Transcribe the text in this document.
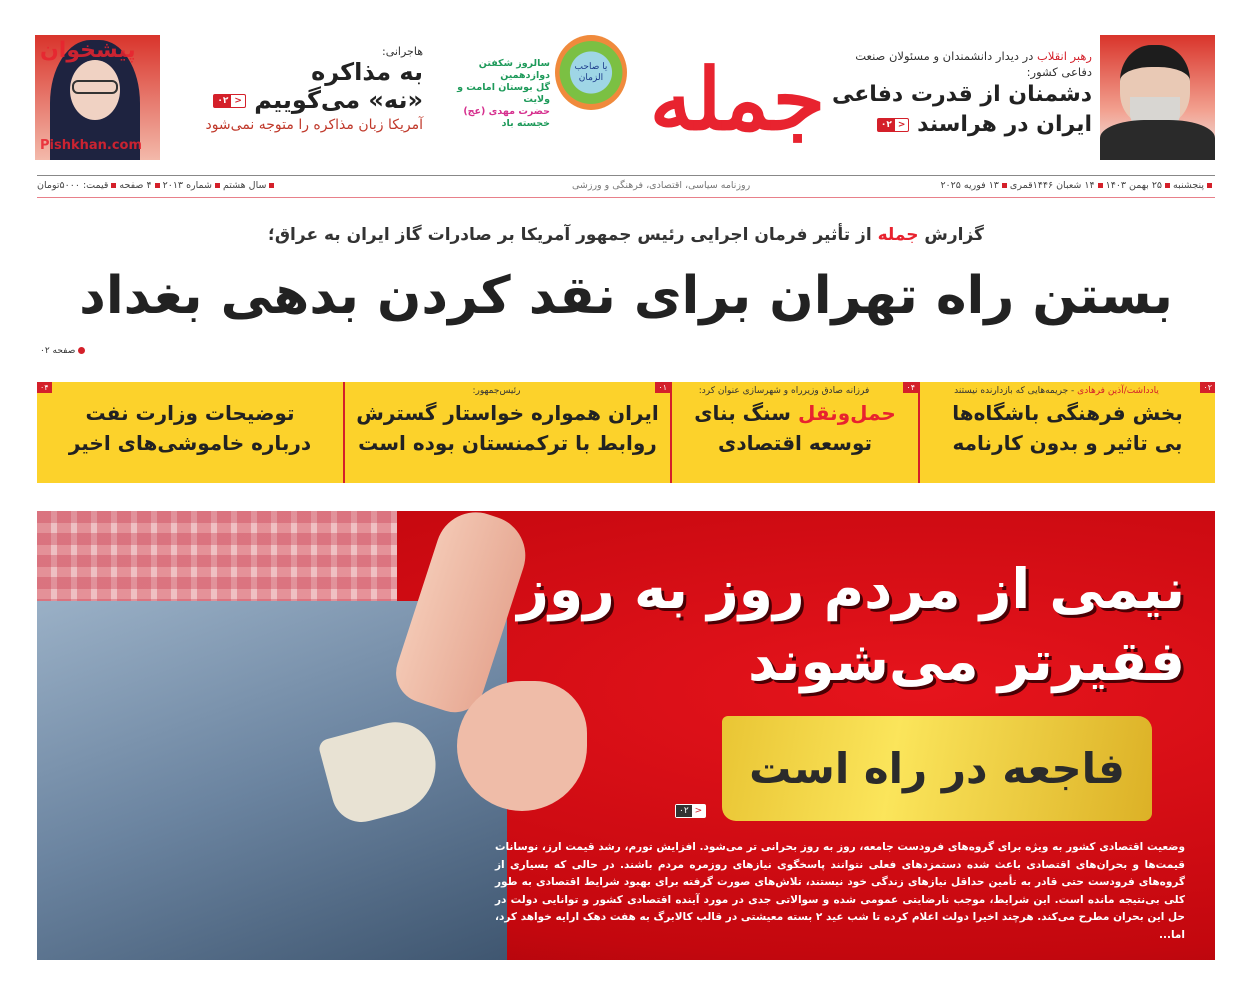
رهبر انقلاب در دیدار دانشمندان و مسئولان صنعت دفاعی کشور:
دشمنان از قدرت دفاعی
ایران در هراسند
<
۰۲
جمله
یا صاحب الزمان
سالروز شکفتن دوازدهمین
گل بوستان امامت و ولایت
حضرت مهدی (عج)
خجسته باد
پیشخوان
Pishkhan.com
هاجرانی:
به مذاکره
«نه» می‌گوییم
<
۰۲
آمریکا زبان مذاکره را متوجه نمی‌شود
پنجشنبه۲۵ بهمن ۱۴۰۳۱۴ شعبان ۱۴۴۶قمری۱۳ فوریه ۲۰۲۵
روزنامه سیاسی، اقتصادی، فرهنگی و ورزشی
سال هشتمشماره ۲۰۱۳۴ صفحهقیمت: ۵۰۰۰تومان
گزارش جمله از تأثیر فرمان اجرایی رئیس جمهور آمریکا بر صادرات گاز ایران به عراق؛
بستن راه تهران برای نقد کردن بدهی بغداد
صفحه ۰۲
۰۲
یادداشت/آذین فرهادی - جریمه‌هایی که بازدارنده نیستند
بخش فرهنگی باشگاه‌ها
بی تاثیر و بدون کارنامه
۰۴
فرزانه صادق وزیرراه و شهرسازی عنوان کرد:
حمل‌ونقل سنگ بنای
توسعه اقتصادی
۰۱
رئیس‌جمهور:
ایران همواره خواستار گسترش
روابط با ترکمنستان بوده است
۰۴
توضیحات وزارت نفت
درباره خاموشی‌های اخیر
نیمی از مردم روز به روز
فقیرتر می‌شوند
فاجعه در راه است
<
۰۲
وضعیت اقتصادی کشور به ویژه برای گروه‌های فرودست جامعه، روز به روز بحرانی تر می‌شود. افزایش تورم، رشد قیمت ارز، نوسانات قیمت‌ها و بحران‌های اقتصادی باعث شده دستمزدهای فعلی نتوانند پاسخگوی نیازهای روزمره مردم باشند. در حالی که بسیاری از گروه‌های فرودست حتی قادر به تأمین حداقل نیازهای زندگی خود نیستند، تلاش‌های صورت گرفته برای بهبود شرایط اقتصادی به طور کلی بی‌نتیجه مانده است. این شرایط، موجب نارضایتی عمومی شده و سوالاتی جدی در مورد آینده اقتصادی کشور و توانایی دولت در حل این بحران مطرح می‌کند. هرچند اخیرا دولت اعلام کرده تا شب عید ۲ بسته معیشتی در قالب کالابرگ به هفت دهک ارایه خواهد کرد، اما...
